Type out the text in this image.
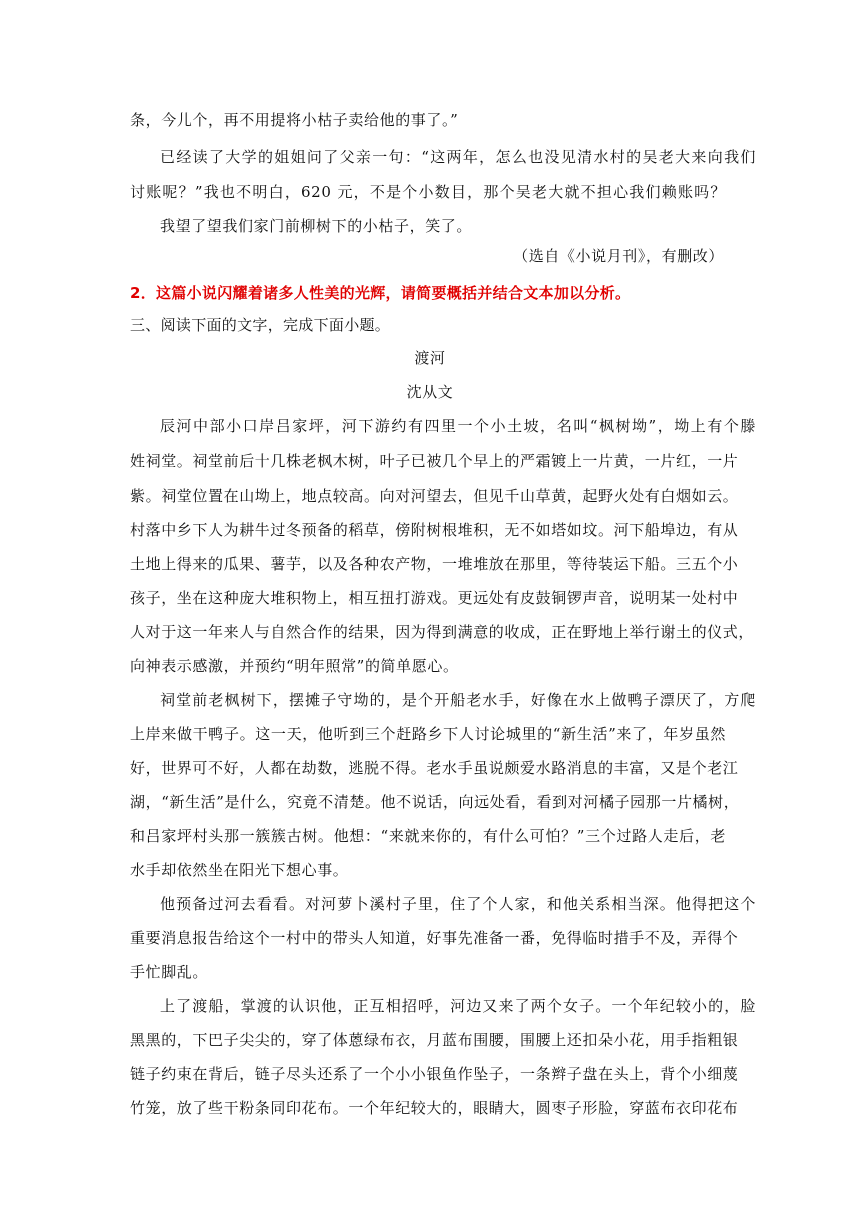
条，今儿个，再不用提将小枯子卖给他的事了。”
已经读了大学的姐姐问了父亲一句：“这两年，怎么也没见清水村的吴老大来向我们
讨账呢？”我也不明白，620 元，不是个小数目，那个吴老大就不担心我们赖账吗？
我望了望我们家门前柳树下的小枯子，笑了。
（选自《小说月刊》，有删改）
2．这篇小说闪耀着诸多人性美的光辉，请简要概括并结合文本加以分析。
三、阅读下面的文字，完成下面小题。
渡河
沈从文
辰河中部小口岸吕家坪，河下游约有四里一个小土坡，名叫“枫树坳”，坳上有个滕
姓祠堂。祠堂前后十几株老枫木树，叶子已被几个早上的严霜镀上一片黄，一片红，一片
紫。祠堂位置在山坳上，地点较高。向对河望去，但见千山草黄，起野火处有白烟如云。
村落中乡下人为耕牛过冬预备的稻草，傍附树根堆积，无不如塔如坟。河下船埠边，有从
土地上得来的瓜果、薯芋，以及各种农产物，一堆堆放在那里，等待装运下船。三五个小
孩子，坐在这种庞大堆积物上，相互扭打游戏。更远处有皮鼓铜锣声音，说明某一处村中
人对于这一年来人与自然合作的结果，因为得到满意的收成，正在野地上举行谢土的仪式，
向神表示感激，并预约“明年照常”的简单愿心。
祠堂前老枫树下，摆摊子守坳的，是个开船老水手，好像在水上做鸭子漂厌了，方爬
上岸来做干鸭子。这一天，他听到三个赶路乡下人讨论城里的“新生活”来了，年岁虽然
好，世界可不好，人都在劫数，逃脱不得。老水手虽说颇爱水路消息的丰富，又是个老江
湖，“新生活”是什么，究竟不清楚。他不说话，向远处看，看到对河橘子园那一片橘树，
和吕家坪村头那一簇簇古树。他想：“来就来你的，有什么可怕？”三个过路人走后，老
水手却依然坐在阳光下想心事。
他预备过河去看看。对河萝卜溪村子里，住了个人家，和他关系相当深。他得把这个
重要消息报告给这个一村中的带头人知道，好事先准备一番，免得临时措手不及，弄得个
手忙脚乱。
上了渡船，掌渡的认识他，正互相招呼，河边又来了两个女子。一个年纪较小的，脸
黑黑的，下巴子尖尖的，穿了体蒽绿布衣，月蓝布围腰，围腰上还扣朵小花，用手指粗银
链子约束在背后，链子尽头还系了一个小小银鱼作坠子，一条辫子盘在头上，背个小细蔑
竹笼，放了些干粉条同印花布。一个年纪较大的，眼睛大，圆枣子形脸，穿蓝布衣印花布
